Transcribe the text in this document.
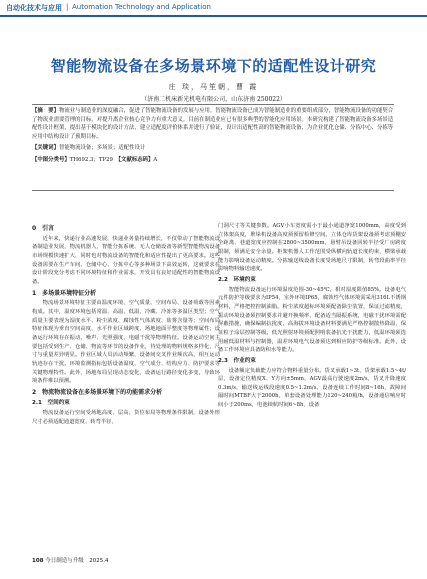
自动化技术与应用 | Automation Technology and Application
智能物流设备在多场景环境下的适配性设计研究
庄 琰，马笙朝，曹 霞
（济南二机床新光机电有限公司，山东济南 250022）

【摘　要】物流业与制造业的深度融合，促进了智能物流设备的发展与应用。智能物流设备已成为智能制造业的重要组成部分，智能物流设备的功能契合了物流业需要管理的目标，对提升离企业核心竞争力有重大意义。目前在制造业应已有很多典型的智能化应用场景。本研究构建了智能物流设备多场景适配性设计框架，提出基于模块化的设计方法，建立适配度评价体系并进行了验证，设计出适配性高的智能物流设备，为企业优化仓储、分拣中心、分拣等应用中结构设计了预期目标。

【关键词】智能物流设备；多场景；适配性设计

【中图分类号】TH692.3；TP29　 【文献标志码】A

0　引言

近年来，快递行业高速发展，快递业务量持续增长，不仅带动了智能物流设备制造业发展，物流机器人、智能分拣系统、无人仓储设备等新型智能物流设备市场规模快速扩大，同时也对物流设备的智能化和适应性提出了更高要求。这些设备需要在生产车间、仓储中心、分拣中心等多种场景下高效运转，这就要求在设计阶段充分考虑不同环境特征和作业需求，开发具有良好适配性的智能物流设备。

1　多场景环境特征分析

物流场景环境特征主要由温度环境、空气质量、空间布局、设备荷载等因素构成。其中，温度环境包括常温、高温、低温、冷藏、冷冻等多温区类型；空气质量主要表现为湿度水平、粉尘浓度、腐蚀性气体浓度、盐雾含量等；空间布局特征体现为垂直空间高度、水平作业区域跨度、场地地面平整度等物理属性；设备运行环境存在振动、噪声、光照强度、电磁干扰等物理特征。设备运动空间主要包括受到生产、仓储、物流等环节的设备作业，待处理的物料规格多样化，尺寸与重量差异明显。作业区域人员活动频繁，设备间交叉作业频次高，相互运动轨迹存在干扰。环境监测指标包括设备温度、空气成分、结构应力、防护要求等关键物理特性。此外，场地布局呈现动态变化，设备运行路径变化多变，导致环境条件难以预测。

2　物流物流设备在多场景环境下的功能需求分析
2.1　空间约束

物流设备运行空间受场地高度、层高、货位布局等物理条件限制，设备外形尺寸必须适配通道宽度、转弯半径、

门洞尺寸等关键参数。AGV小车宽度需小于最小通道净宽1000mm，高度受到立体架高度，堆垛机设备高度须预留检修空间。立体仓库货架设备须考虑顶棚安全距离，巷道宽度应控制在2800~3500mm，悬臂吊设备回转半径受厂房跨度限制，须满足安全余量。柜架机器人工作范围受纵横向轨道长度约束，横梁承载能力影响设备运动精度。分拣输送线设备长度受场地尺寸限制，转弯段曲率半径影响物料输送速度。

2.2　环境约束

智能物流设备运行环境温度范围-30~45℃，相对湿度限值85%。设备电气元件防护等级要求为IP54，室外环境IP65，腐蚀性气体环境需采用316L不锈钢材料，严格把控控制油脂。粉尘浓度超标环境须配备除尘装置，保证过滤精度，振动环境设备须控制要求并避开换频率，配备适当隔振系统，电磁干扰环境需配屏蔽措施，确保编制抗扰度，高海拔环境设备材料要满足严格控制散热降温，保证粒子涂层控制等级。低光照射环境须配照明装备抗光干扰能力，低温环境须选用耐低温材料与控制器，温差环境电气设备须达到相应防护等级标准。此外，设备工作环境应具备防积水等能力。

2.3　作业约束

设备额定负载能力应符合物料重量分布。货叉承载1~3t，货架承载1.5~4t/层，设备定位精度X、Y方向±5mm，AGV最高行驶速度2m/s，货叉升降速度0.3m/s，输送线运线段速度0.5~1.2m/s，设备连续工作时间8~16h，故障间隔时间MTBF大于2000h，单套设备处理能力120~240箱/h，设备通信响应时间小于200ms，电池续航时间6~8h，设备

108 今日制造与升级　2025.4
